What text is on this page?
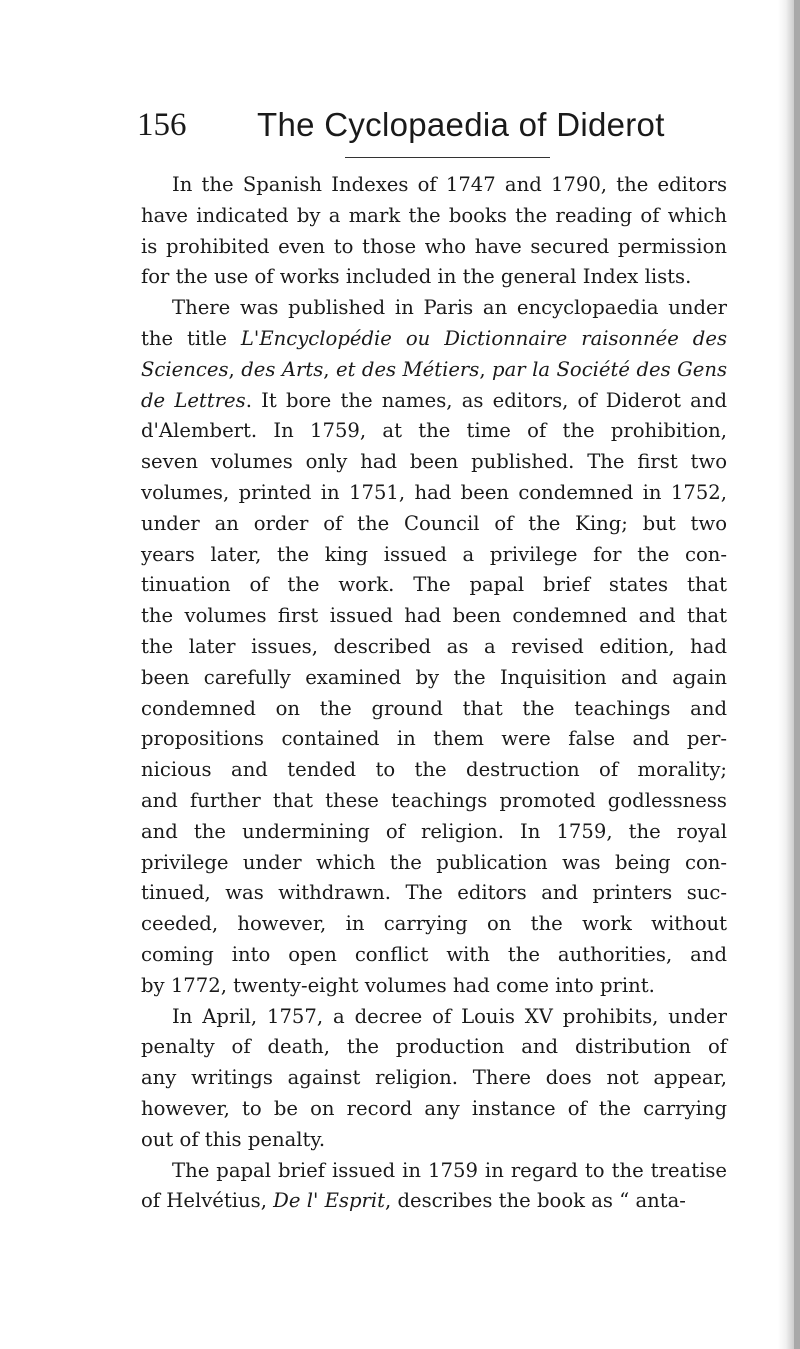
156 The Cyclopaedia of Diderot
In the Spanish Indexes of 1747 and 1790, the editors
have indicated by a mark the books the reading of which
is prohibited even to those who have secured permission
for the use of works included in the general Index lists.
There was published in Paris an encyclopaedia under
the title L'Encyclopédie ou Dictionnaire raisonnée des
Sciences, des Arts, et des Métiers, par la Société des Gens
de Lettres. It bore the names, as editors, of Diderot and
d'Alembert. In 1759, at the time of the prohibition,
seven volumes only had been published. The first two
volumes, printed in 1751, had been condemned in 1752,
under an order of the Council of the King; but two
years later, the king issued a privilege for the con-
tinuation of the work. The papal brief states that
the volumes first issued had been condemned and that
the later issues, described as a revised edition, had
been carefully examined by the Inquisition and again
condemned on the ground that the teachings and
propositions contained in them were false and per-
nicious and tended to the destruction of morality;
and further that these teachings promoted godlessness
and the undermining of religion. In 1759, the royal
privilege under which the publication was being con-
tinued, was withdrawn. The editors and printers suc-
ceeded, however, in carrying on the work without
coming into open conflict with the authorities, and
by 1772, twenty-eight volumes had come into print.
In April, 1757, a decree of Louis XV prohibits, under
penalty of death, the production and distribution of
any writings against religion. There does not appear,
however, to be on record any instance of the carrying
out of this penalty.
The papal brief issued in 1759 in regard to the treatise
of Helvétius, De l' Esprit, describes the book as “ anta-
